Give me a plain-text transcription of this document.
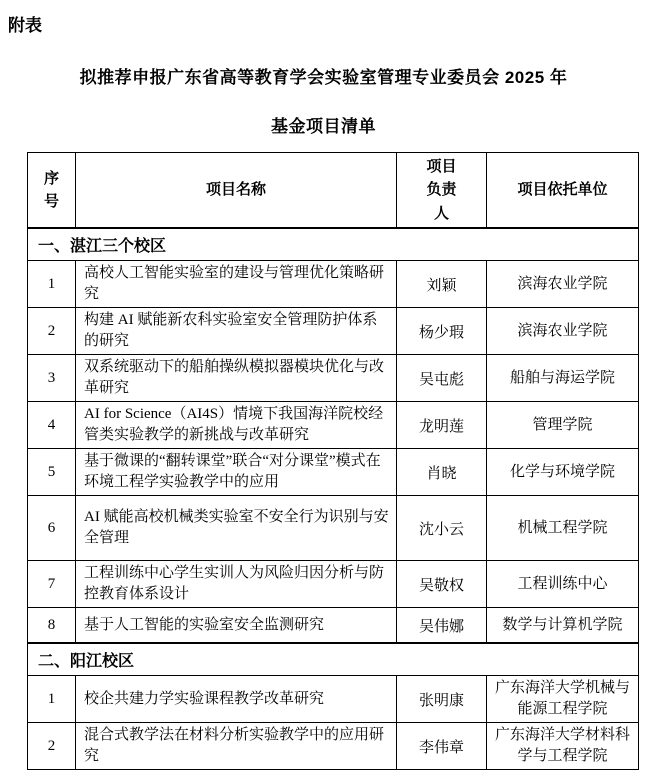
附表
拟推荐申报广东省高等教育学会实验室管理专业委员会 2025 年
基金项目清单
序号	项目名称	项目负责人	项目依托单位
一、湛江三个校区			
1	高校人工智能实验室的建设与管理优化策略研究	刘颖	滨海农业学院
2	构建 AI 赋能新农科实验室安全管理防护体系的研究	杨少瑕	滨海农业学院
3	双系统驱动下的船舶操纵模拟器模块优化与改革研究	吴屯彪	船舶与海运学院
4	AI for Science（AI4S）情境下我国海洋院校经管类实验教学的新挑战与改革研究	龙明莲	管理学院
5	基于微课的“翻转课堂”联合“对分课堂”模式在环境工程学实验教学中的应用	肖晓	化学与环境学院
6	AI 赋能高校机械类实验室不安全行为识别与安全管理	沈小云	机械工程学院
7	工程训练中心学生实训人为风险归因分析与防控教育体系设计	吴敬权	工程训练中心
8	基于人工智能的实验室安全监测研究	吴伟娜	数学与计算机学院
二、阳江校区			
1	校企共建力学实验课程教学改革研究	张明康	广东海洋大学机械与能源工程学院
2	混合式教学法在材料分析实验教学中的应用研究	李伟章	广东海洋大学材料科学与工程学院
